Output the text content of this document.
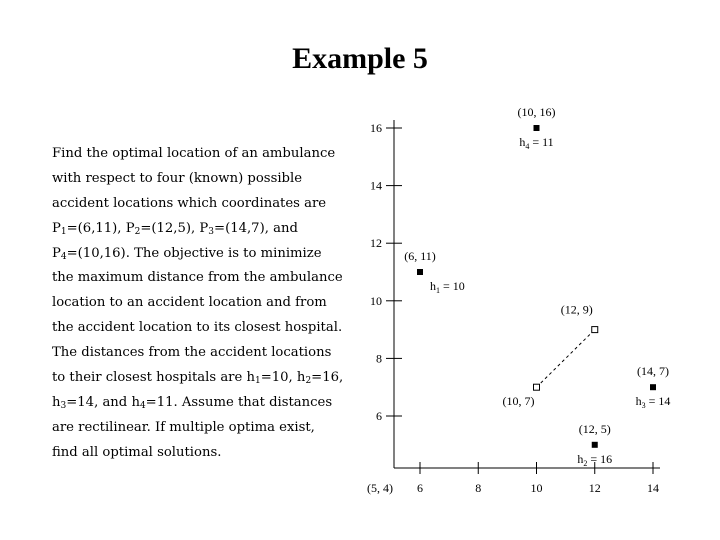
Example 5
Find the optimal location of an ambulance
with respect to four (known) possible
accident locations which coordinates are
$P_1=(6,11)$, $P_2=(12,5)$, $P_3=(14,7)$, and
$P_4=(10,16)$. The objective is to minimize
the maximum distance from the ambulance
location to an accident location and from
the accident location to its closest hospital.
The distances from the accident locations
to their closest hospitals are $h_1=10$, $h_2=16$,
$h_3=14$, and $h_4=11$. Assume that distances
are rectilinear. If multiple optima exist,
find all optimal solutions.
6	8	10	12	14
6
8
10
12
14
16
(5, 4)
(10, 7)
(12, 9)
(6, 11)
$h_1 = 10$
(12, 5)
$h_2 = 16$
(14, 7)
$h_3 = 14$
(10, 16)
$h_4 = 11$
